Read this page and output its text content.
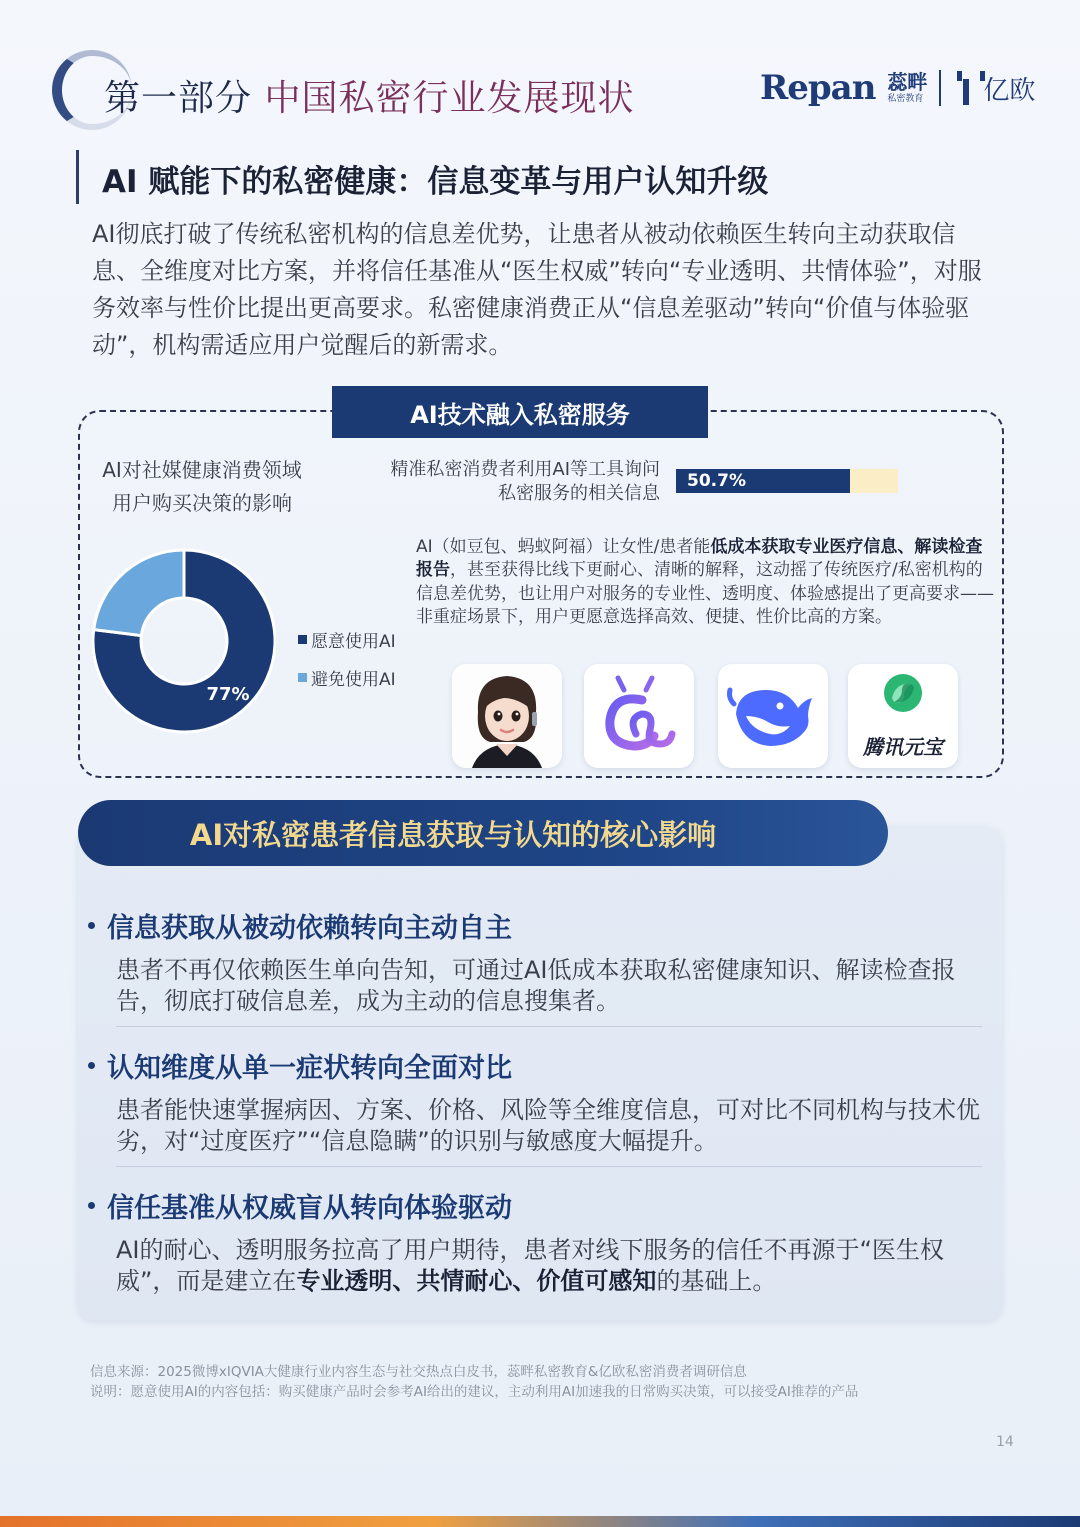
第一部分 中国私密行业发展现状	Repan 蕊畔
私密教育 亿欧
AI 赋能下的私密健康：信息变革与用户认知升级
AI彻底打破了传统私密机构的信息差优势，让患者从被动依赖医生转向主动获取信息、全维度对比方案，并将信任基准从“医生权威”转向“专业透明、共情体验”，对服务效率与性价比提出更高要求。私密健康消费正从“信息差驱动”转向“价值与体验驱动”，机构需适应用户觉醒后的新需求。
AI技术融入私密服务
AI对社媒健康消费领域
用户购买决策的影响
77%
愿意使用AI
避免使用AI
精准私密消费者利用AI等工具询问
私密服务的相关信息
50.7%
AI（如豆包、蚂蚁阿福）让女性/患者能低成本获取专业医疗信息、解读检查报告，甚至获得比线下更耐心、清晰的解释，这动摇了传统医疗/私密机构的信息差优势，也让用户对服务的专业性、透明度、体验感提出了更高要求——非重症场景下，用户更愿意选择高效、便捷、性价比高的方案。
腾讯元宝
AI对私密患者信息获取与认知的核心影响
信息获取从被动依赖转向主动自主
患者不再仅依赖医生单向告知，可通过AI低成本获取私密健康知识、解读检查报告，彻底打破信息差，成为主动的信息搜集者。
认知维度从单一症状转向全面对比
患者能快速掌握病因、方案、价格、风险等全维度信息，可对比不同机构与技术优劣，对“过度医疗”“信息隐瞒”的识别与敏感度大幅提升。
信任基准从权威盲从转向体验驱动
AI的耐心、透明服务拉高了用户期待，患者对线下服务的信任不再源于“医生权威”，而是建立在专业透明、共情耐心、价值可感知的基础上。
信息来源：2025微博xIQVIA大健康行业内容生态与社交热点白皮书，蕊畔私密教育&亿欧私密消费者调研信息
说明：愿意使用AI的内容包括：购买健康产品时会参考AI给出的建议，主动利用AI加速我的日常购买决策，可以接受AI推荐的产品
14
